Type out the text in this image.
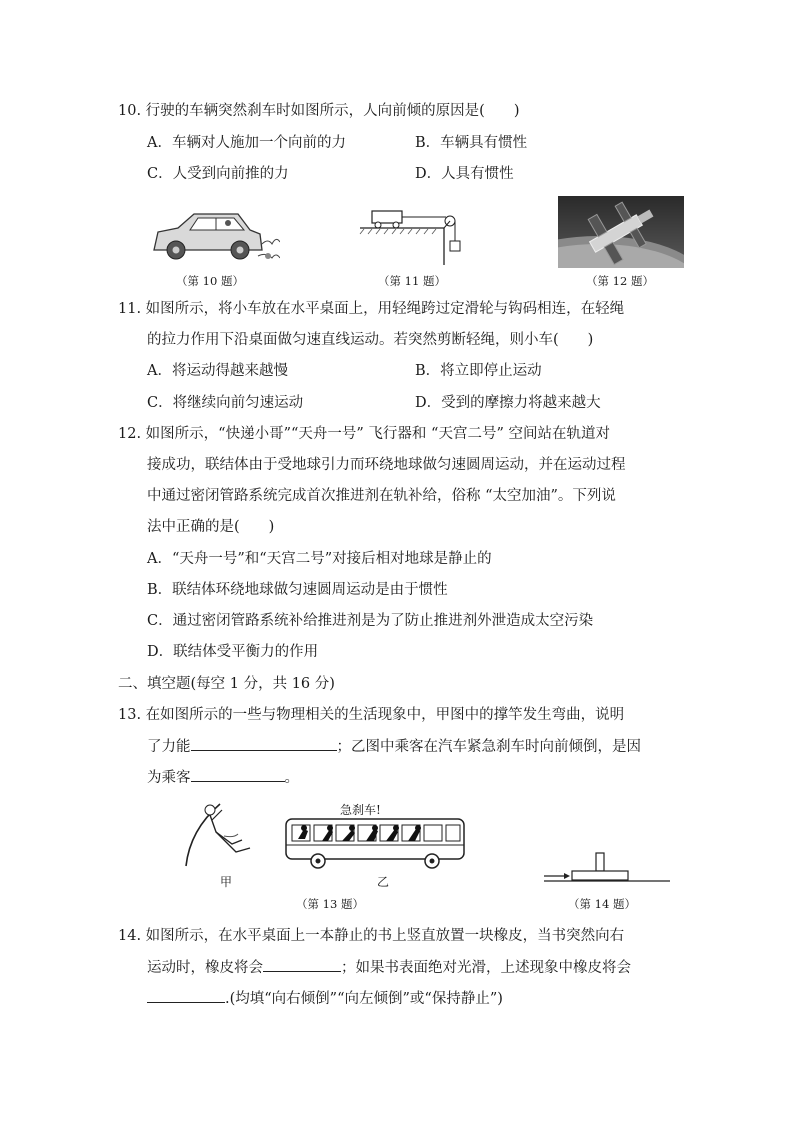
10. 行驶的车辆突然刹车时如图所示，人向前倾的原因是(　　)
A．车辆对人施加一个向前的力	B．车辆具有惯性
C．人受到向前推的力	D．人具有惯性
（第 10 题）	（第 11 题）	（第 12 题）
11. 如图所示，将小车放在水平桌面上，用轻绳跨过定滑轮与钩码相连，在轻绳
的拉力作用下沿桌面做匀速直线运动。若突然剪断轻绳，则小车(　　)
A．将运动得越来越慢	B．将立即停止运动
C．将继续向前匀速运动	D．受到的摩擦力将越来越大
12. 如图所示，“快递小哥”“天舟一号” 飞行器和 “天宫二号” 空间站在轨道对
接成功，联结体由于受地球引力而环绕地球做匀速圆周运动，并在运动过程
中通过密闭管路系统完成首次推进剂在轨补给，俗称 “太空加油”。下列说
法中正确的是(　　)
A．“天舟一号”和“天宫二号”对接后相对地球是静止的
B．联结体环绕地球做匀速圆周运动是由于惯性
C．通过密闭管路系统补给推进剂是为了防止推进剂外泄造成太空污染
D．联结体受平衡力的作用
二、填空题(每空 1 分，共 16 分)
13. 在如图所示的一些与物理相关的生活现象中，甲图中的撑竿发生弯曲，说明
了力能	；乙图中乘客在汽车紧急刹车时向前倾倒，是因
为乘客	。
甲
急刹车!
乙
（第 13 题）	（第 14 题）
14. 如图所示，在水平桌面上一本静止的书上竖直放置一块橡皮，当书突然向右
运动时，橡皮将会	；如果书表面绝对光滑，上述现象中橡皮将会
.(均填“向右倾倒”“向左倾倒”或“保持静止”)
